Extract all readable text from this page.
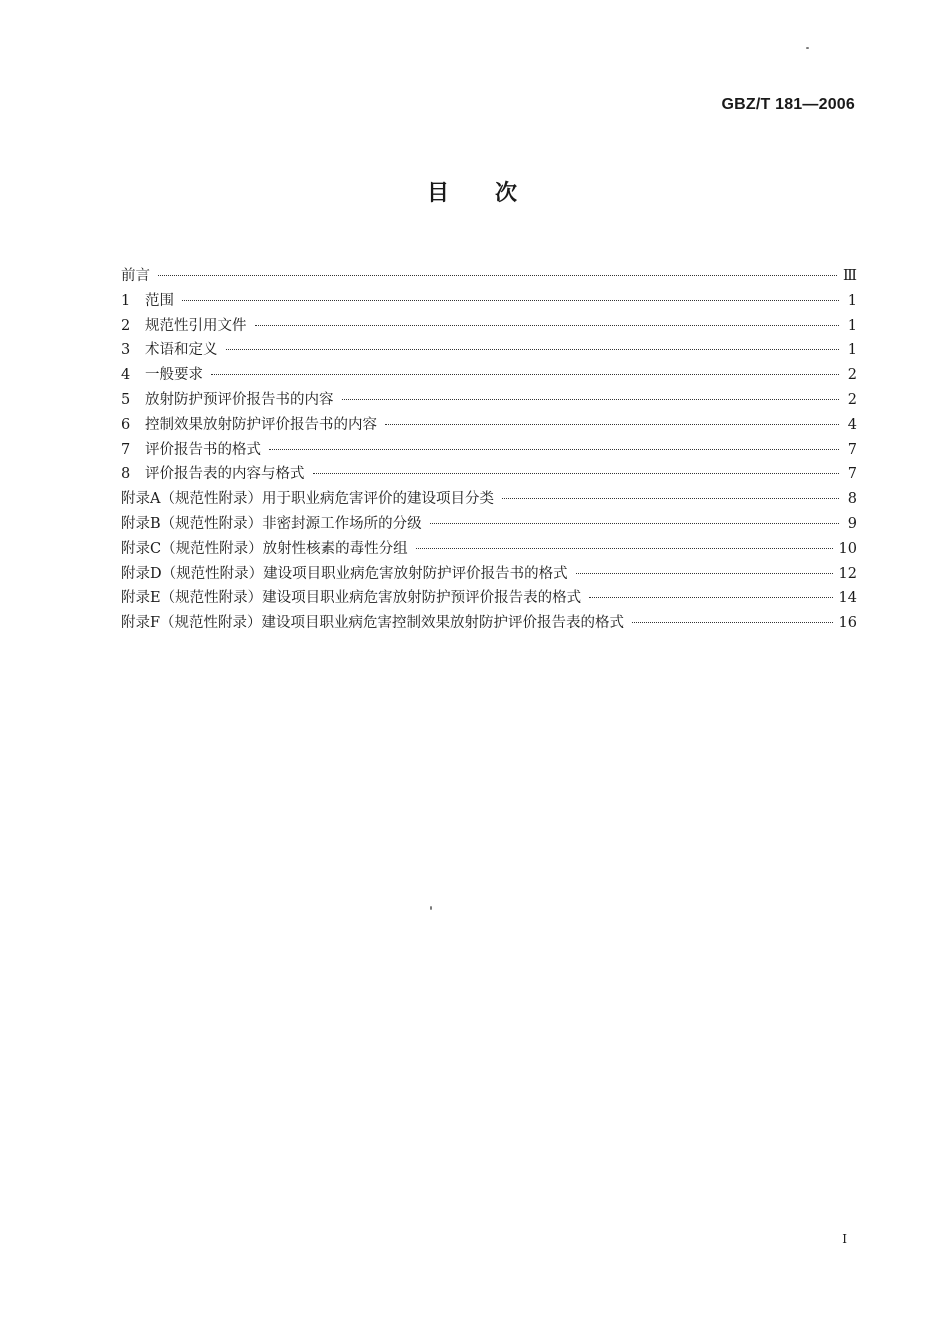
GBZ/T 181—2006
目次
前言	Ⅲ
1	范围	1
2	规范性引用文件	1
3	术语和定义	1
4	一般要求	2
5	放射防护预评价报告书的内容	2
6	控制效果放射防护评价报告书的内容	4
7	评价报告书的格式	7
8	评价报告表的内容与格式	7
附录A（规范性附录）用于职业病危害评价的建设项目分类	8
附录B（规范性附录）非密封源工作场所的分级	9
附录C（规范性附录）放射性核素的毒性分组	10
附录D（规范性附录）建设项目职业病危害放射防护评价报告书的格式	12
附录E（规范性附录）建设项目职业病危害放射防护预评价报告表的格式	14
附录F（规范性附录）建设项目职业病危害控制效果放射防护评价报告表的格式	16
I
